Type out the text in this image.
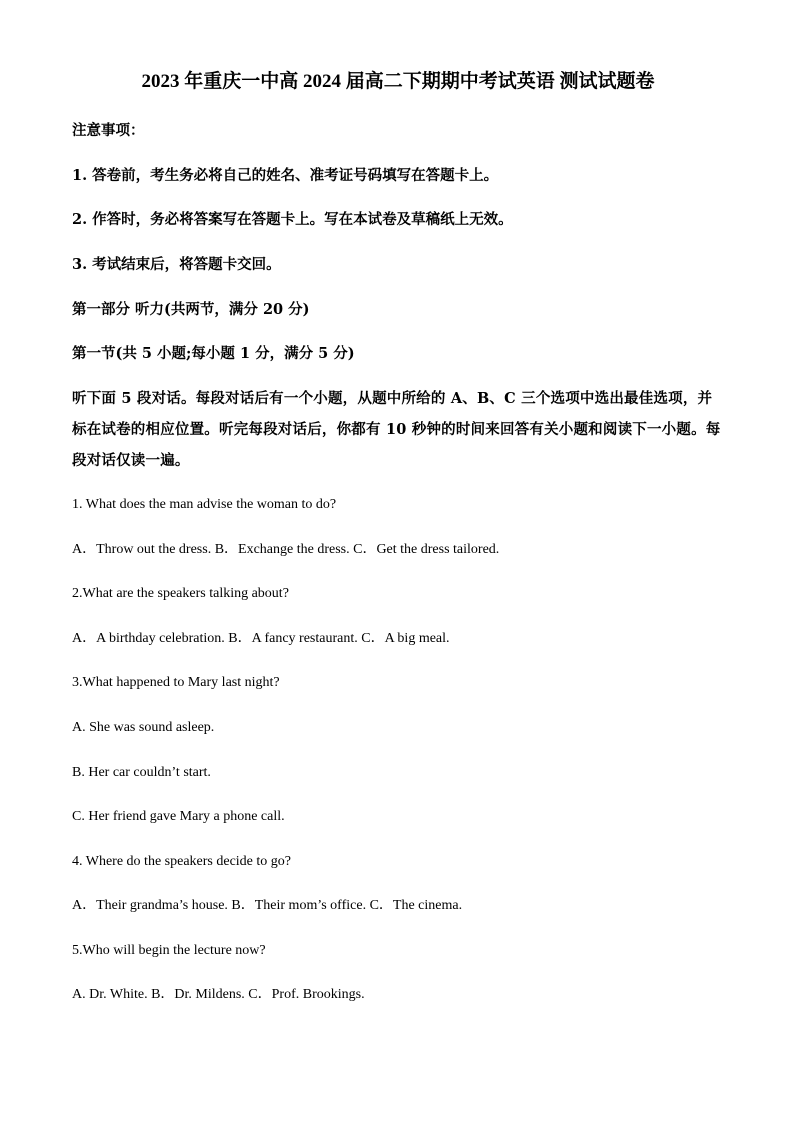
2023 年重庆一中高 2024 届高二下期期中考试英语 测试试题卷
注意事项：
1. 答卷前，考生务必将自己的姓名、准考证号码填写在答题卡上。
2. 作答时，务必将答案写在答题卡上。写在本试卷及草稿纸上无效。
3. 考试结束后，将答题卡交回。
第一部分 听力(共两节，满分 20 分)
第一节(共 5 小题;每小题 1 分，满分 5 分)
听下面 5 段对话。每段对话后有一个小题，从题中所给的 A、B、C 三个选项中选出最佳选项，并标在试卷的相应位置。听完每段对话后，你都有 10 秒钟的时间来回答有关小题和阅读下一小题。每段对话仅读一遍。
1. What does the man advise the woman to do?
A．Throw out the dress. B．Exchange the dress. C．Get the dress tailored.
2.What are the speakers talking about?
A．A birthday celebration. B．A fancy restaurant. C．A big meal.
3.What happened to Mary last night?
A. She was sound asleep.
B. Her car couldn’t start.
C. Her friend gave Mary a phone call.
4. Where do the speakers decide to go?
A．Their grandma’s house. B．Their mom’s office. C．The cinema.
5.Who will begin the lecture now?
A. Dr. White. B．Dr. Mildens. C．Prof. Brookings.
